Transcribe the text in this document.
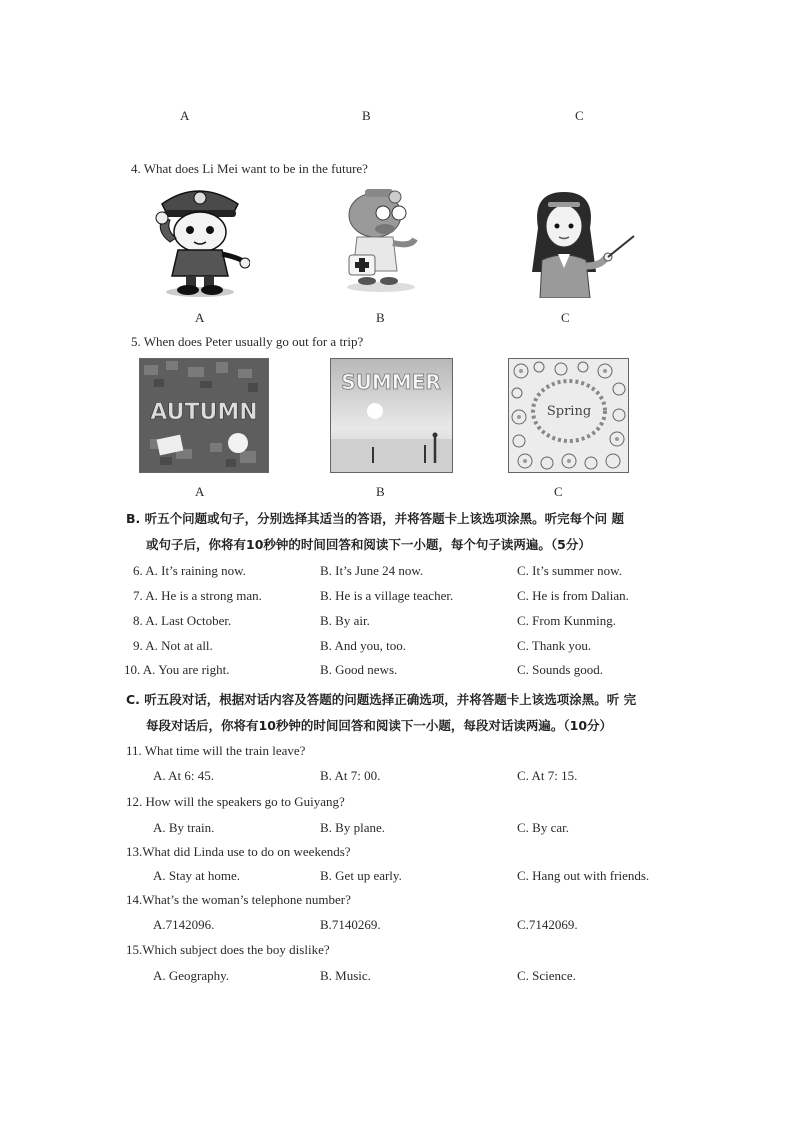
A	B	C
4. What does Li Mei want to be in the future?
A	B	C
5. When does Peter usually go out for a trip?
AUTUMN
SUMMER
Spring
A	B	C
B. 听五个问题或句子，分别选择其适当的答语，并将答题卡上该选项涂黑。听完每个问 题
或句子后，你将有10秒钟的时间回答和阅读下一小题，每个句子读两遍。（5分）
6. A. It’s raining now.	B. It’s June 24 now.	C. It’s summer now.
7. A. He is a strong man.	B. He is a village teacher.	C. He is from Dalian.
8. A. Last October.	B. By air.	C. From Kunming.
9. A. Not at all.	B. And you, too.	C. Thank you.
10. A. You are right.	B. Good news.	C. Sounds good.
C. 听五段对话，根据对话内容及答题的问题选择正确选项，并将答题卡上该选项涂黑。听 完
每段对话后，你将有10秒钟的时间回答和阅读下一小题，每段对话读两遍。（10分）
11. What time will the train leave?
A. At 6: 45.	B. At 7: 00.	C. At 7: 15.
12. How will the speakers go to Guiyang?
A. By train.	B. By plane.	C. By car.
13.What did Linda use to do on weekends?
A. Stay at home.	B. Get up early.	C. Hang out with friends.
14.What’s the woman’s telephone number?
A.7142096.	B.7140269.	C.7142069.
15.Which subject does the boy dislike?
A. Geography.	B. Music.	C. Science.
